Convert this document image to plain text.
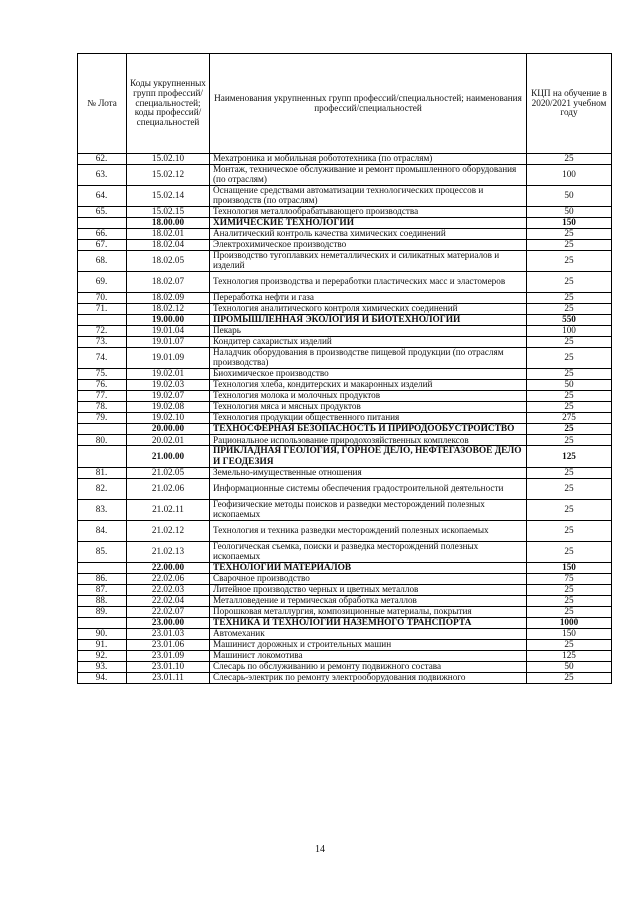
№ Лота	Коды укрупненных групп профессий/ специальностей; коды профессий/ специальностей	Наименования укрупненных групп профессий/специальностей; наименования профессий/специальностей	КЦП на обучение в 2020/2021 учебном году
62.	15.02.10	Мехатроника и мобильная робототехника (по отраслям)	25
63.	15.02.12	Монтаж, техническое обслуживание и ремонт промышленного оборудования (по отраслям)	100
64.	15.02.14	Оснащение средствами автоматизации технологических процессов и производств (по отраслям)	50
65.	15.02.15	Технология металлообрабатывающего производства	50
	18.00.00	ХИМИЧЕСКИЕ ТЕХНОЛОГИИ	150
66.	18.02.01	Аналитический контроль качества химических соединений	25
67.	18.02.04	Электрохимическое производство	25
68.	18.02.05	Производство тугоплавких неметаллических и силикатных материалов и изделий	25
69.	18.02.07	Технология производства и переработки пластических масс и эластомеров	25
70.	18.02.09	Переработка нефти и газа	25
71.	18.02.12	Технология аналитического контроля химических соединений	25
	19.00.00	ПРОМЫШЛЕННАЯ ЭКОЛОГИЯ И БИОТЕХНОЛОГИИ	550
72.	19.01.04	Пекарь	100
73.	19.01.07	Кондитер сахаристых изделий	25
74.	19.01.09	Наладчик оборудования в производстве пищевой продукции (по отраслям производства)	25
75.	19.02.01	Биохимическое производство	25
76.	19.02.03	Технология хлеба, кондитерских и макаронных изделий	50
77.	19.02.07	Технология молока и молочных продуктов	25
78.	19.02.08	Технология мяса и мясных продуктов	25
79.	19.02.10	Технология продукции общественного питания	275
	20.00.00	ТЕХНОСФЕРНАЯ БЕЗОПАСНОСТЬ И ПРИРОДООБУСТРОЙСТВО	25
80.	20.02.01	Рациональное использование природохозяйственных комплексов	25
	21.00.00	ПРИКЛАДНАЯ ГЕОЛОГИЯ, ГОРНОЕ ДЕЛО, НЕФТЕГАЗОВОЕ ДЕЛО И ГЕОДЕЗИЯ	125
81.	21.02.05	Земельно-имущественные отношения	25
82.	21.02.06	Информационные системы обеспечения градостроительной деятельности	25
83.	21.02.11	Геофизические методы поисков и разведки месторождений полезных ископаемых	25
84.	21.02.12	Технология и техника разведки месторождений полезных ископаемых	25
85.	21.02.13	Геологическая съемка, поиски и разведка месторождений полезных ископаемых	25
	22.00.00	ТЕХНОЛОГИИ МАТЕРИАЛОВ	150
86.	22.02.06	Сварочное производство	75
87.	22.02.03	Литейное производство черных и цветных металлов	25
88.	22.02.04	Металловедение и термическая обработка металлов	25
89.	22.02.07	Порошковая металлургия, композиционные материалы, покрытия	25
	23.00.00	ТЕХНИКА И ТЕХНОЛОГИИ НАЗЕМНОГО ТРАНСПОРТА	1000
90.	23.01.03	Автомеханик	150
91.	23.01.06	Машинист дорожных и строительных машин	25
92.	23.01.09	Машинист локомотива	125
93.	23.01.10	Слесарь по обслуживанию и ремонту подвижного состава	50
94.	23.01.11	Слесарь-электрик по ремонту электрооборудования подвижного	25
14
